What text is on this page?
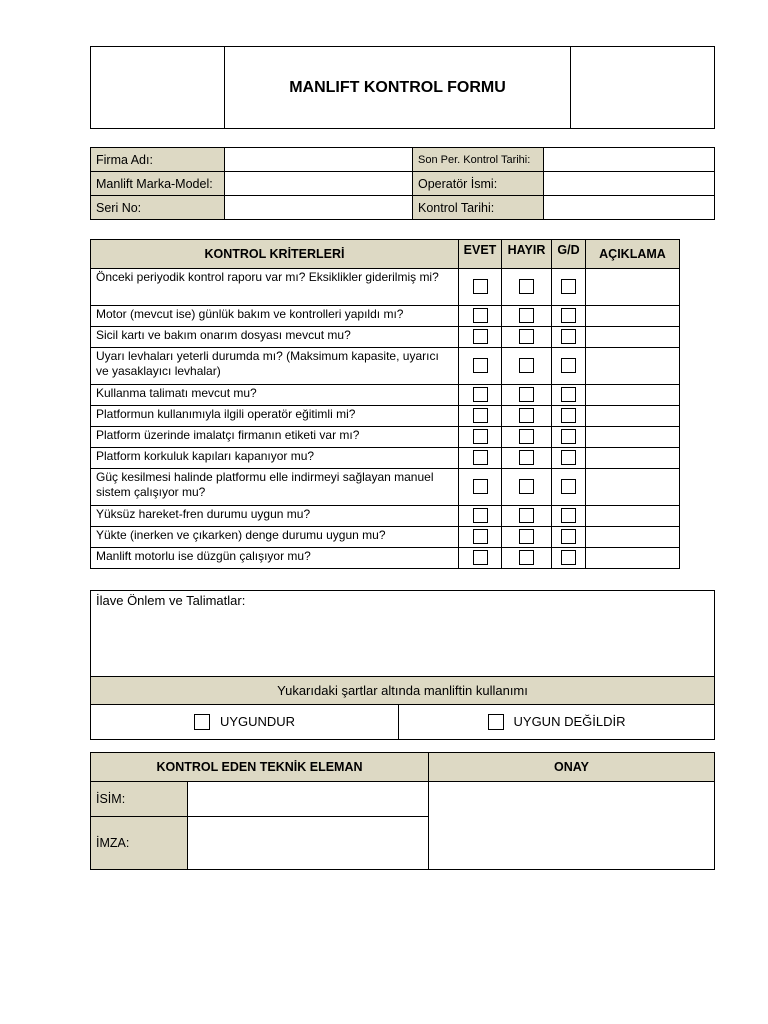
	MANLIFT KONTROL FORMU	
Firma Adı:		Son Per. Kontrol Tarihi:	
Manlift Marka-Model:		Operatör İsmi:	
Seri No:		Kontrol Tarihi:	
KONTROL KRİTERLERİ	EVET	HAYIR	G/D	AÇIKLAMA
Önceki periyodik kontrol raporu var mı? Eksiklikler giderilmiş mi?				
Motor (mevcut ise) günlük bakım ve kontrolleri yapıldı mı?				
Sicil kartı ve bakım onarım dosyası mevcut mu?				
Uyarı levhaları yeterli durumda mı? (Maksimum kapasite, uyarıcı ve yasaklayıcı levhalar)				
Kullanma talimatı mevcut mu?				
Platformun kullanımıyla ilgili operatör eğitimli mi?				
Platform üzerinde imalatçı firmanın etiketi var mı?				
Platform korkuluk kapıları kapanıyor mu?				
Güç kesilmesi halinde platformu elle indirmeyi sağlayan manuel sistem çalışıyor mu?				
Yüksüz hareket-fren durumu uygun mu?				
Yükte (inerken ve çıkarken) denge durumu uygun mu?				
Manlift motorlu ise düzgün çalışıyor mu?				
İlave Önlem ve Talimatlar:
Yukarıdaki şartlar altında manliftin kullanımı
UYGUNDUR	UYGUN DEĞİLDİR
KONTROL EDEN TEKNİK ELEMAN		ONAY
İSİM:		
İMZA:		
